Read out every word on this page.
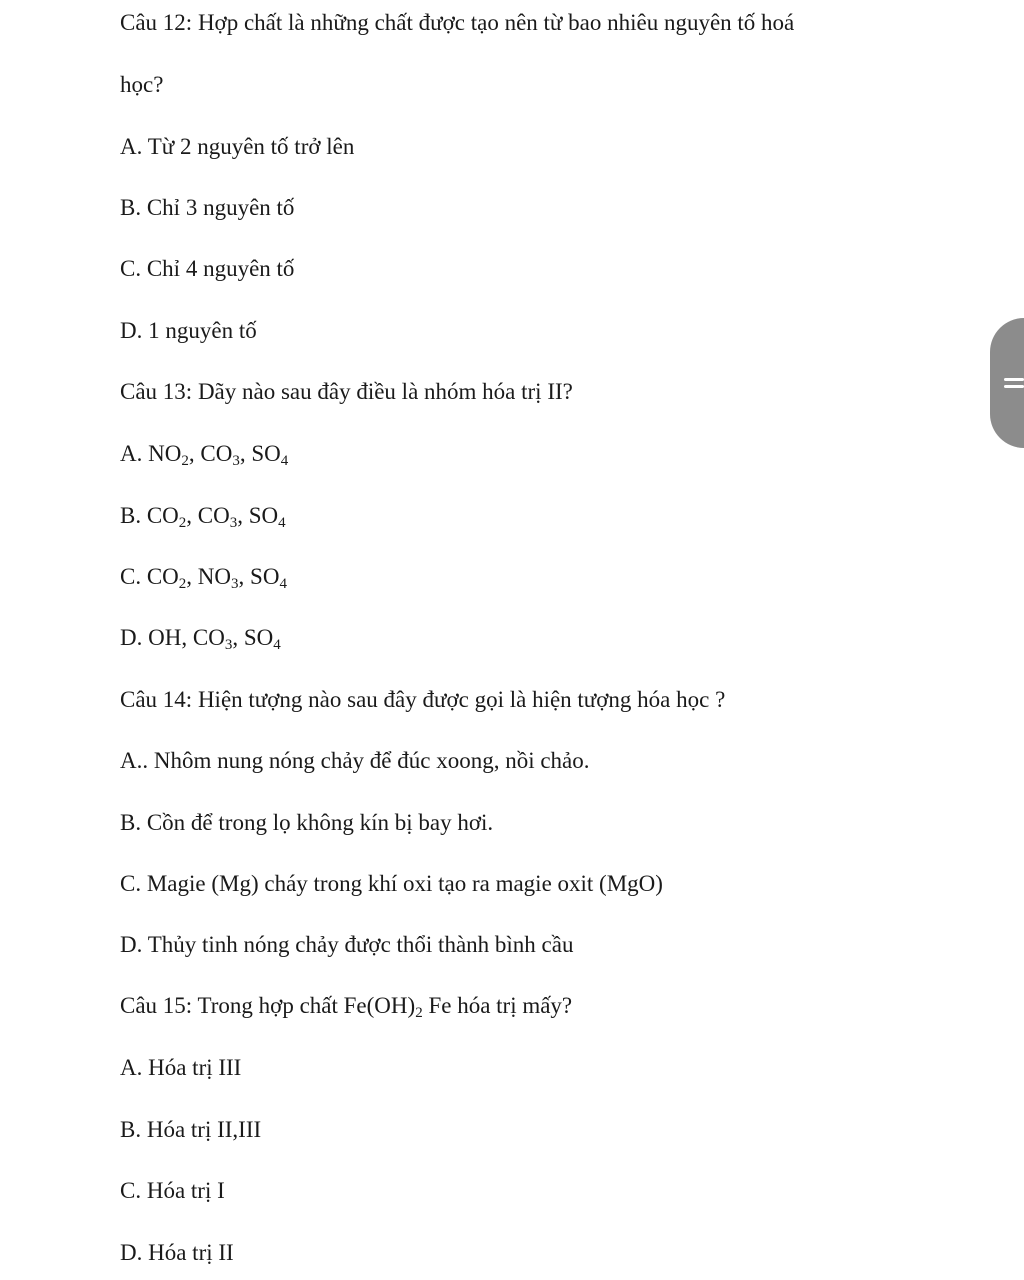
Câu 12: Hợp chất là những chất được tạo nên từ bao nhiêu nguyên tố hoá
học?
A. Từ 2 nguyên tố trở lên
B. Chỉ 3 nguyên tố
C. Chỉ 4 nguyên tố
D. 1 nguyên tố
Câu 13: Dãy nào sau đây điều là nhóm hóa trị II?
A. $NO_2$, $CO_3$, $SO_4$
B. $CO_2$, $CO_3$, $SO_4$
C. $CO_2$, $NO_3$, $SO_4$
D. OH, $CO_3$, $SO_4$
Câu 14: Hiện tượng nào sau đây được gọi là hiện tượng hóa học ?
A.. Nhôm nung nóng chảy để đúc xoong, nồi chảo.
B. Cồn để trong lọ không kín bị bay hơi.
C. Magie (Mg) cháy trong khí oxi tạo ra magie oxit (MgO)
D. Thủy tinh nóng chảy được thổi thành bình cầu
Câu 15: Trong hợp chất $Fe(OH)_2$ Fe hóa trị mấy?
A. Hóa trị III
B. Hóa trị II,III
C. Hóa trị I
D. Hóa trị II
